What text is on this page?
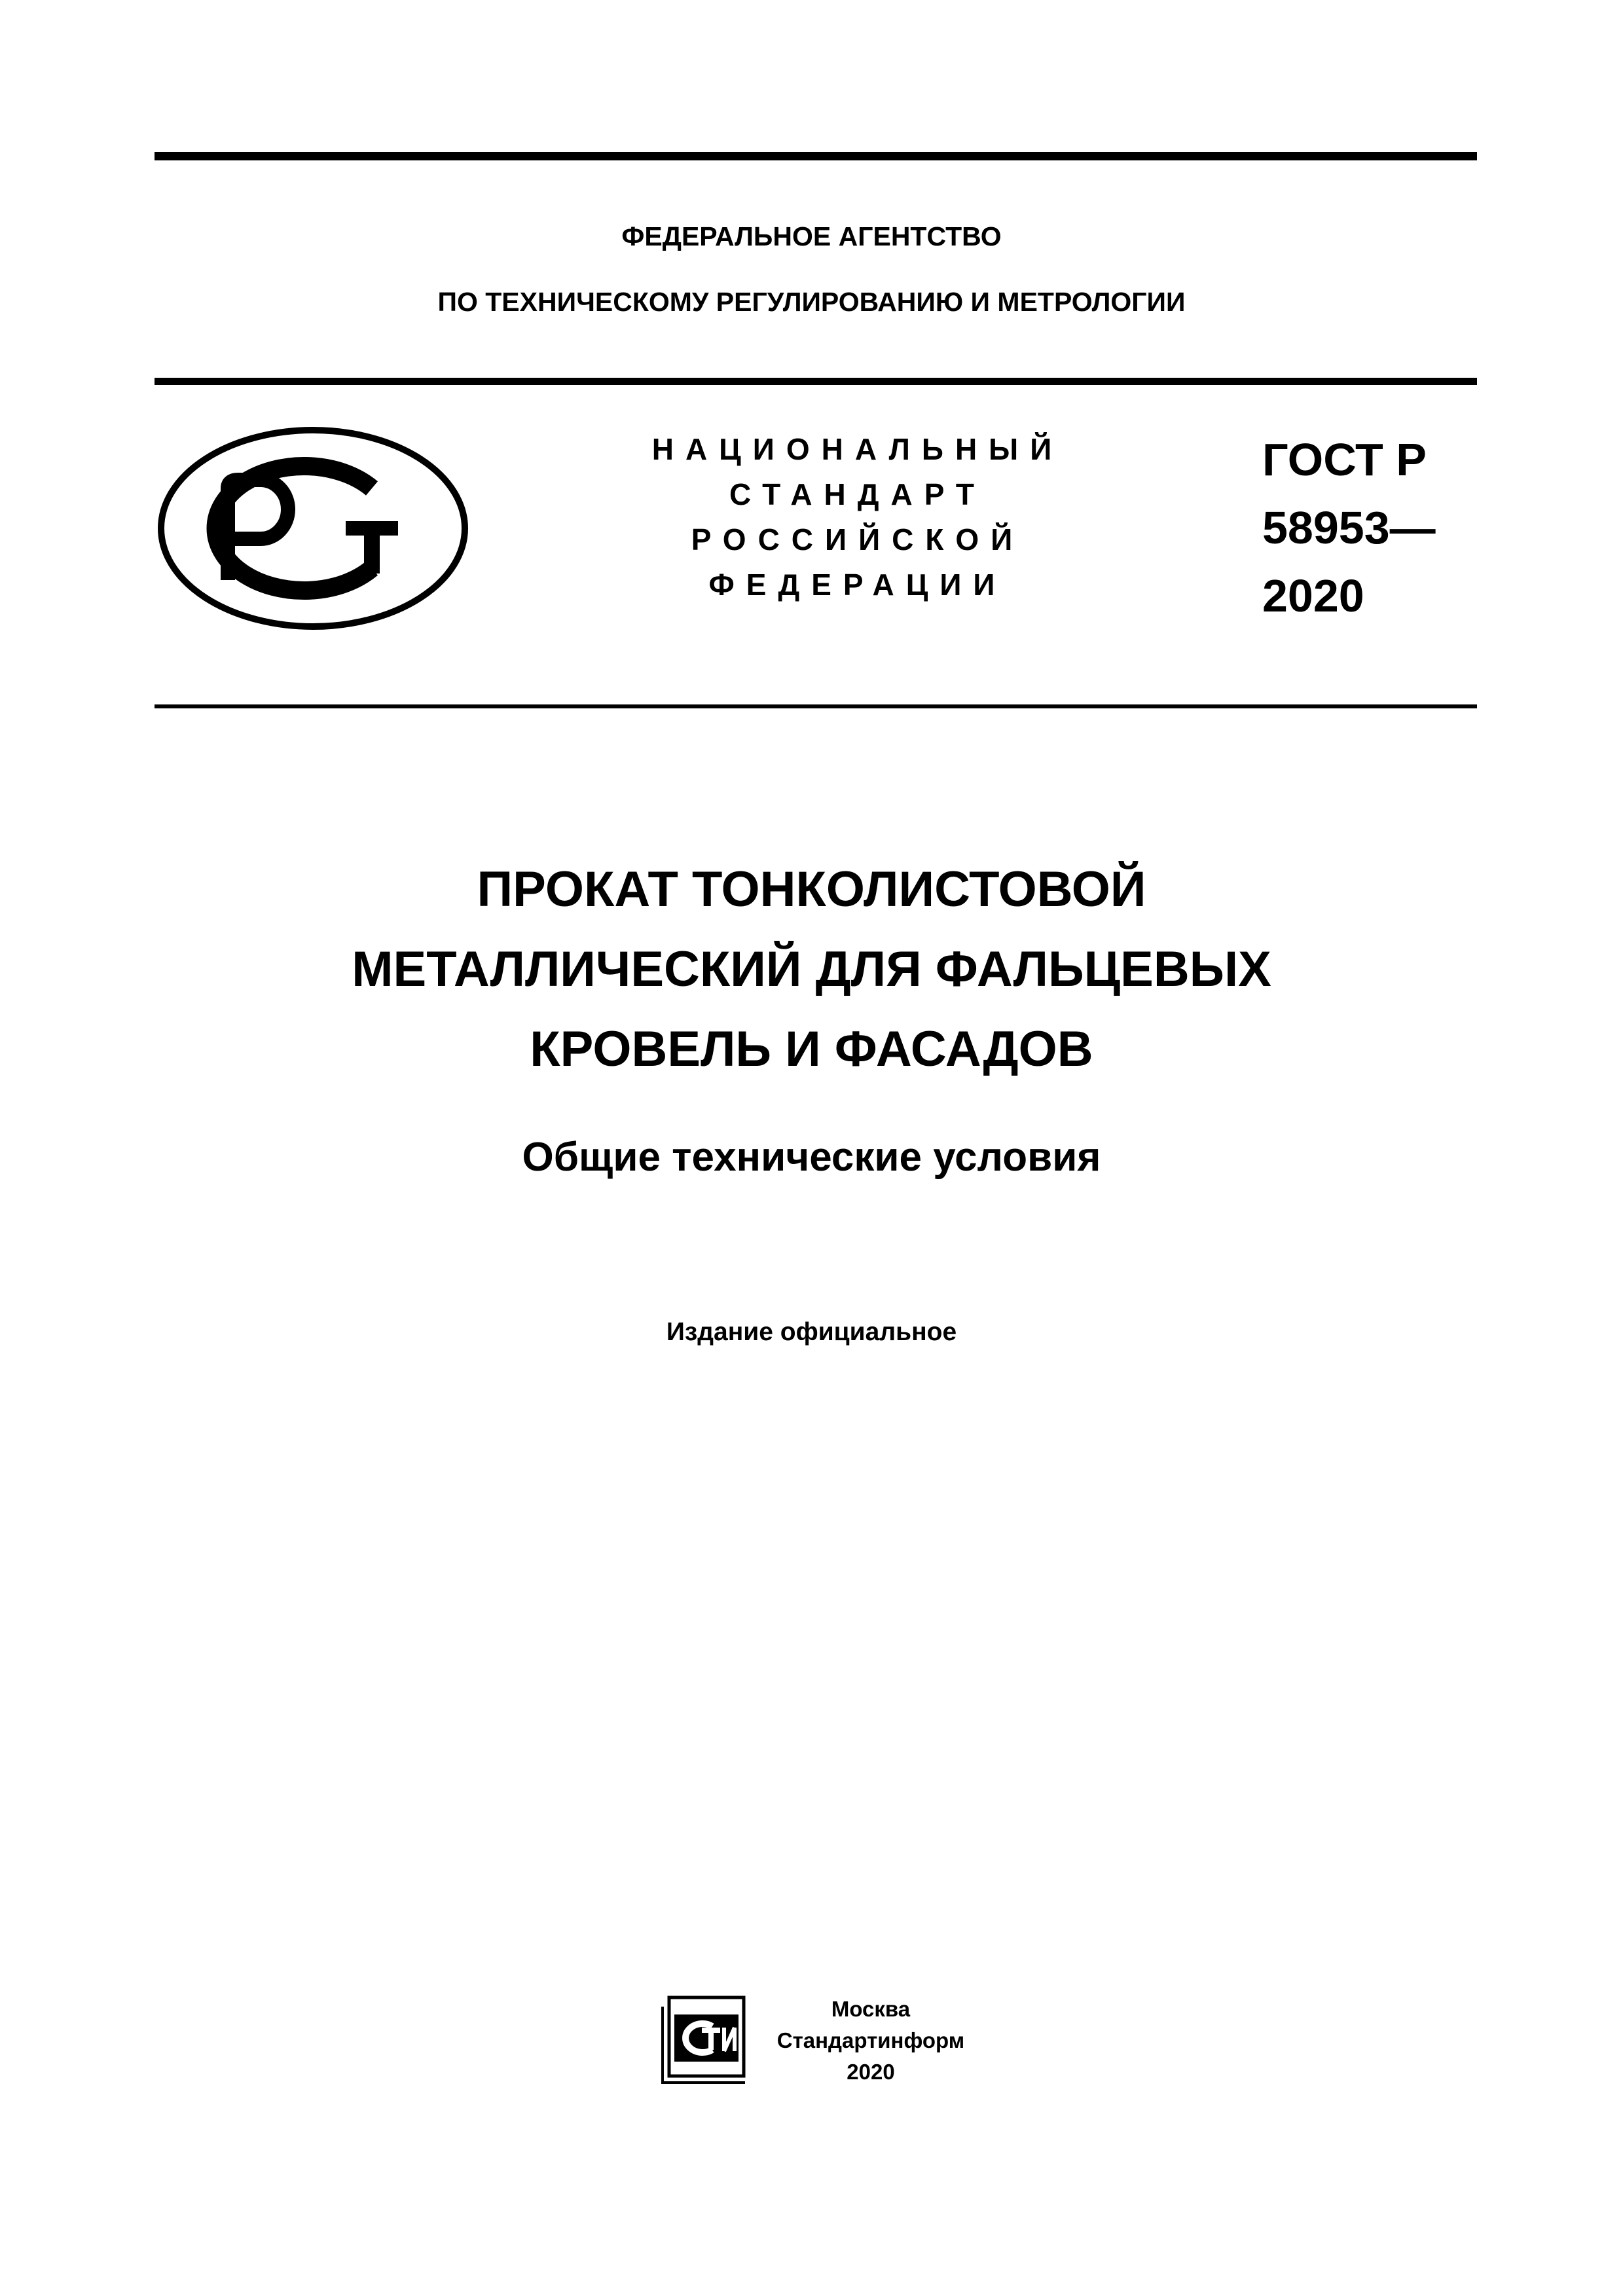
ФЕДЕРАЛЬНОЕ АГЕНТСТВО
ПО ТЕХНИЧЕСКОМУ РЕГУЛИРОВАНИЮ И МЕТРОЛОГИИ
НАЦИОНАЛЬНЫЙ
СТАНДАРТ
РОССИЙСКОЙ
ФЕДЕРАЦИИ
ГОСТ Р
58953—
2020
ПРОКАТ ТОНКОЛИСТОВОЙ
МЕТАЛЛИЧЕСКИЙ ДЛЯ ФАЛЬЦЕВЫХ
КРОВЕЛЬ И ФАСАДОВ
Общие технические условия
Издание официальное
Москва
Стандартинформ
2020
